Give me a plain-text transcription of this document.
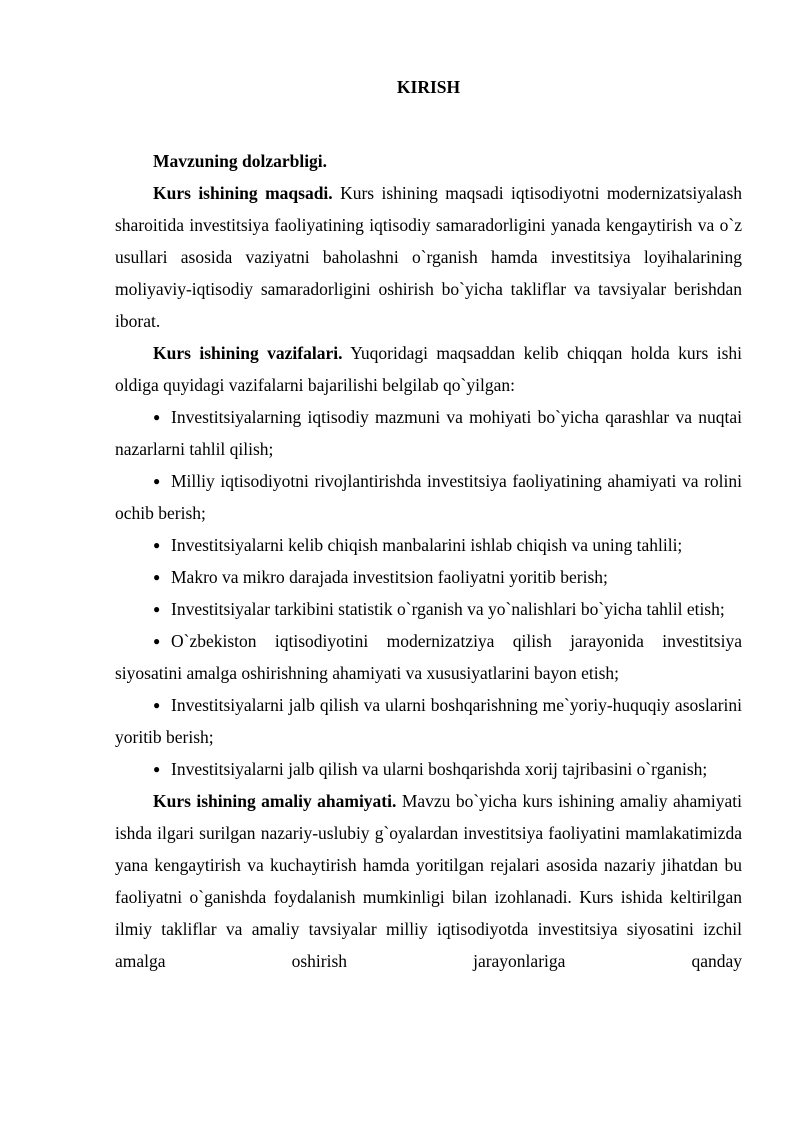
KIRISH

Mavzuning dolzarbligi.

Kurs ishining maqsadi. Kurs ishining maqsadi iqtisodiyotni modernizatsiyalash sharoitida investitsiya faoliyatining iqtisodiy samaradorligini yanada kengaytirish va o`z usullari asosida vaziyatni baholashni o`rganish hamda investitsiya loyihalarining moliyaviy-iqtisodiy samaradorligini oshirish bo`yicha takliflar va tavsiyalar berishdan iborat.

Kurs ishining vazifalari. Yuqoridagi maqsaddan kelib chiqqan holda kurs ishi oldiga quyidagi vazifalarni bajarilishi belgilab qo`yilgan:

● Investitsiyalarning iqtisodiy mazmuni va mohiyati bo`yicha qarashlar va nuqtai nazarlarni tahlil qilish;

● Milliy iqtisodiyotni rivojlantirishda investitsiya faoliyatining ahamiyati va rolini ochib berish;

● Investitsiyalarni kelib chiqish manbalarini ishlab chiqish va uning tahlili;

● Makro va mikro darajada investitsion faoliyatni yoritib berish;

● Investitsiyalar tarkibini statistik o`rganish va yo`nalishlari bo`yicha tahlil etish;

● O`zbekiston iqtisodiyotini modernizatziya qilish jarayonida investitsiya siyosatini amalga oshirishning ahamiyati va xususiyatlarini bayon etish;

● Investitsiyalarni jalb qilish va ularni boshqarishning me`yoriy-huquqiy asoslarini yoritib berish;

● Investitsiyalarni jalb qilish va ularni boshqarishda xorij tajribasini o`rganish;

Kurs ishining amaliy ahamiyati. Mavzu bo`yicha kurs ishining amaliy ahamiyati ishda ilgari surilgan nazariy-uslubiy g`oyalardan investitsiya faoliyatini mamlakatimizda yana kengaytirish va kuchaytirish hamda yoritilgan rejalari asosida nazariy jihatdan bu faoliyatni o`ganishda foydalanish mumkinligi bilan izohlanadi. Kurs ishida keltirilgan ilmiy takliflar va amaliy tavsiyalar milliy iqtisodiyotda investitsiya siyosatini izchil amalga oshirish jarayonlariga qanday
